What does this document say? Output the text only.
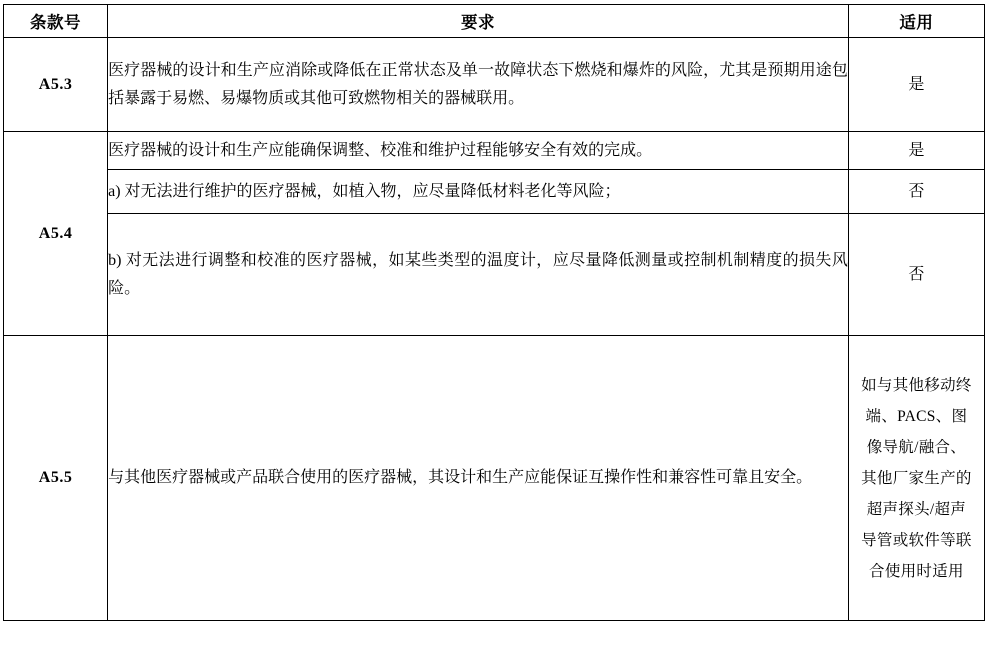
条款号	要求	适用
A5.3	医疗器械的设计和生产应消除或降低在正常状态及单一故障状态下燃烧和爆炸的风险，尤其是预期用途包括暴露于易燃、易爆物质或其他可致燃物相关的器械联用。	是
A5.4	医疗器械的设计和生产应能确保调整、校准和维护过程能够安全有效的完成。	是
	a) 对无法进行维护的医疗器械，如植入物，应尽量降低材料老化等风险；	否
	b) 对无法进行调整和校准的医疗器械，如某些类型的温度计，应尽量降低测量或控制机制精度的损失风险。	否
A5.5	与其他医疗器械或产品联合使用的医疗器械，其设计和生产应能保证互操作性和兼容性可靠且安全。	如与其他移动终端、PACS、图像导航/融合、其他厂家生产的超声探头/超声导管或软件等联合使用时适用
